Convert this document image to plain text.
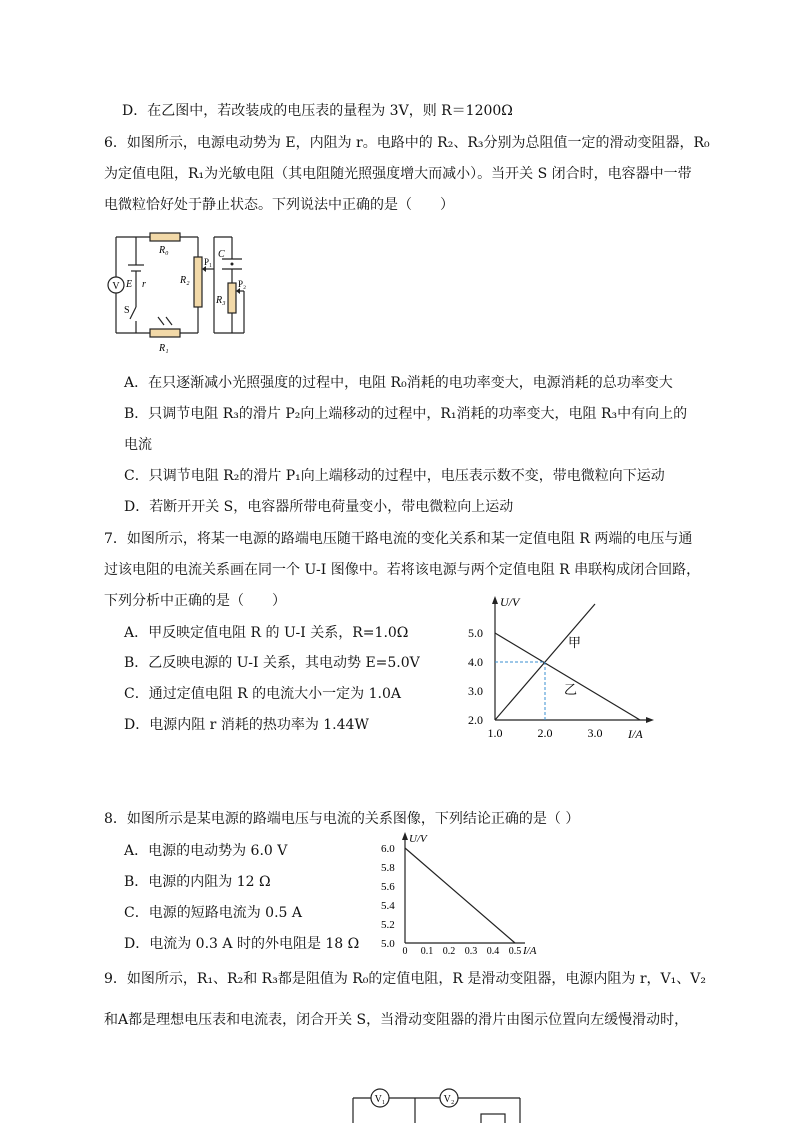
D．在乙图中，若改装成的电压表的量程为 3V，则 R＝1200Ω
6．如图所示，电源电动势为 E，内阻为 r。电路中的 R₂、R₃分别为总阻值一定的滑动变阻器，R₀
为定值电阻，R₁为光敏电阻（其电阻随光照强度增大而减小）。当开关 S 闭合时，电容器中一带
电微粒恰好处于静止状态。下列说法中正确的是（　　）
V
R₀
R₁
R₂
R₃
E r
S
C
P₁
P₂
A．在只逐渐减小光照强度的过程中，电阻 R₀消耗的电功率变大，电源消耗的总功率变大
B．只调节电阻 R₃的滑片 P₂向上端移动的过程中，R₁消耗的功率变大，电阻 R₃中有向上的
电流
C．只调节电阻 R₂的滑片 P₁向上端移动的过程中，电压表示数不变，带电微粒向下运动
D．若断开开关 S，电容器所带电荷量变小，带电微粒向上运动
7．如图所示，将某一电源的路端电压随干路电流的变化关系和某一定值电阻 R 两端的电压与通
过该电阻的电流关系画在同一个 U-I 图像中。若将该电源与两个定值电阻 R 串联构成闭合回路，
下列分析中正确的是（　　）
A．甲反映定值电阻 R 的 U-I 关系，R=1.0Ω
B．乙反映电源的 U-I 关系，其电动势 E=5.0V
C．通过定值电阻 R 的电流大小一定为 1.0A
D．电源内阻 r 消耗的热功率为 1.44W
U/V
I/A
5.0
4.0
3.0
2.0
1.0	2.0	3.0
甲
乙
8．如图所示是某电源的路端电压与电流的关系图像，下列结论正确的是（ ）
A．电源的电动势为 6.0 V
B．电源的内阻为 12 Ω
C．电源的短路电流为 0.5 A
D．电流为 0.3 A 时的外电阻是 18 Ω
U/V
I/A
6.0
5.8
5.6
5.4
5.2
5.0
0 0.1 0.2 0.3 0.4 0.5
9．如图所示，R₁、R₂和 R₃都是阻值为 R₀的定值电阻，R 是滑动变阻器，电源内阻为 r，V₁、V₂
和A都是理想电压表和电流表，闭合开关 S，当滑动变阻器的滑片由图示位置向左缓慢滑动时，
V₁	V₂
